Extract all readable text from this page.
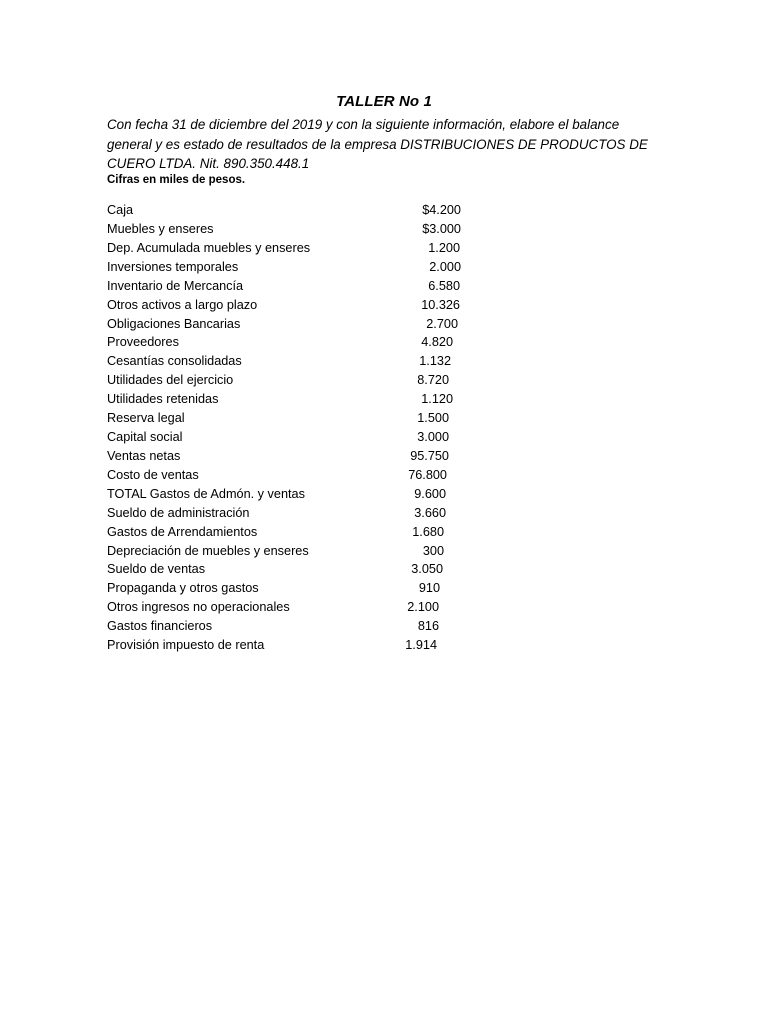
TALLER No 1
Con fecha 31 de diciembre del 2019 y con la siguiente información, elabore el balance
general y es estado de resultados de la empresa DISTRIBUCIONES DE PRODUCTOS DE
CUERO LTDA. Nit. 890.350.448.1
Cifras en miles de pesos.
Caja	$4.200
Muebles y enseres	$3.000
Dep. Acumulada muebles y enseres	1.200
Inversiones temporales	2.000
Inventario de Mercancía	6.580
Otros activos a largo plazo	10.326
Obligaciones Bancarias	2.700
Proveedores	4.820
Cesantías consolidadas	1.132
Utilidades del ejercicio	8.720
Utilidades retenidas	1.120
Reserva legal	1.500
Capital social	3.000
Ventas netas	95.750
Costo de ventas	76.800
TOTAL Gastos de Admón. y ventas	9.600
Sueldo de administración	3.660
Gastos de Arrendamientos	1.680
Depreciación de muebles y enseres	300
Sueldo de ventas	3.050
Propaganda y otros gastos	910
Otros ingresos no operacionales	2.100
Gastos financieros	816
Provisión impuesto de renta	1.914
